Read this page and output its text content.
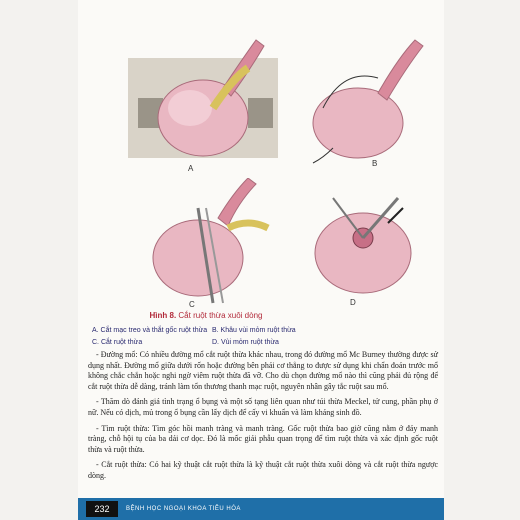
A
B
C	D
Hình 8. Cắt ruột thừa xuôi dòng
A. Cắt mạc treo và thắt gốc ruột thừa B. Khâu vùi mỏm ruột thừa
C. Cắt ruột thừa	D. Vùi mỏm ruột thừa

- Đường mổ: Có nhiều đường mổ cắt ruột thừa khác nhau, trong đó đường mổ Mc Burney thường được sử dụng nhất. Đường mổ giữa dưới rốn hoặc đường bên phải cơ thẳng to được sử dụng khi chẩn đoán trước mổ không chắc chắn hoặc nghi ngờ viêm ruột thừa đã vỡ. Cho dù chọn đường mổ nào thì cũng phải đủ rộng để cắt ruột thừa dễ dàng, tránh làm tổn thương thanh mạc ruột, nguyên nhân gây tắc ruột sau mổ.

- Thăm dò đánh giá tình trạng ổ bụng và một số tạng liên quan như túi thừa Meckel, tử cung, phần phụ ở nữ. Nếu có dịch, mủ trong ổ bụng cần lấy dịch để cấy vi khuẩn và làm kháng sinh đồ.

- Tìm ruột thừa: Tìm góc hồi manh tràng và manh tràng. Gốc ruột thừa bao giờ cũng nằm ở đáy manh tràng, chỗ hội tụ của ba dải cơ dọc. Đó là mốc giải phẫu quan trọng để tìm ruột thừa và xác định gốc ruột thừa và ruột thừa.

- Cắt ruột thừa: Có hai kỹ thuật cắt ruột thừa là kỹ thuật cắt ruột thừa xuôi dòng và cắt ruột thừa ngược dòng.

232	BỆNH HỌC NGOẠI KHOA TIÊU HÓA
